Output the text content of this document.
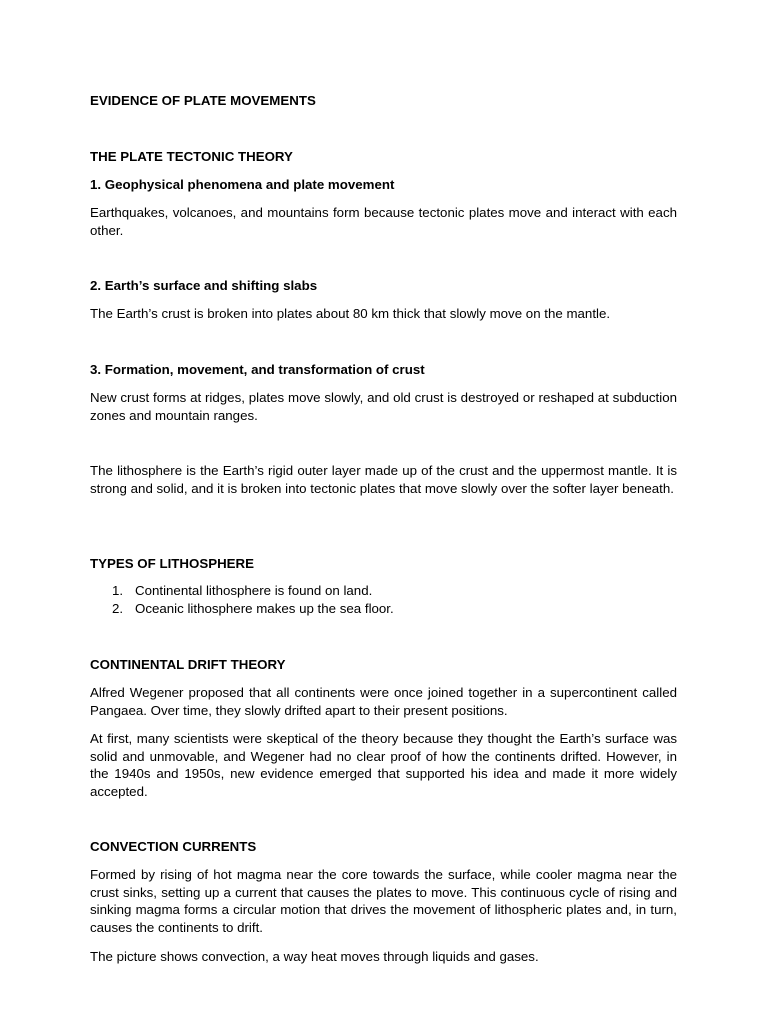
EVIDENCE OF PLATE MOVEMENTS

THE PLATE TECTONIC THEORY

1. Geophysical phenomena and plate movement

Earthquakes, volcanoes, and mountains form because tectonic plates move and interact with each other.

2. Earth’s surface and shifting slabs

The Earth’s crust is broken into plates about 80 km thick that slowly move on the mantle.

3. Formation, movement, and transformation of crust

New crust forms at ridges, plates move slowly, and old crust is destroyed or reshaped at subduction zones and mountain ranges.

The lithosphere is the Earth’s rigid outer layer made up of the crust and the uppermost mantle. It is strong and solid, and it is broken into tectonic plates that move slowly over the softer layer beneath.

TYPES OF LITHOSPHERE

1. Continental lithosphere is found on land.
2. Oceanic lithosphere makes up the sea floor.

CONTINENTAL DRIFT THEORY

Alfred Wegener proposed that all continents were once joined together in a supercontinent called Pangaea. Over time, they slowly drifted apart to their present positions.

At first, many scientists were skeptical of the theory because they thought the Earth’s surface was solid and unmovable, and Wegener had no clear proof of how the continents drifted. However, in the 1940s and 1950s, new evidence emerged that supported his idea and made it more widely accepted.

CONVECTION CURRENTS

Formed by rising of hot magma near the core towards the surface, while cooler magma near the crust sinks, setting up a current that causes the plates to move. This continuous cycle of rising and sinking magma forms a circular motion that drives the movement of lithospheric plates and, in turn, causes the continents to drift.

The picture shows convection, a way heat moves through liquids and gases.
